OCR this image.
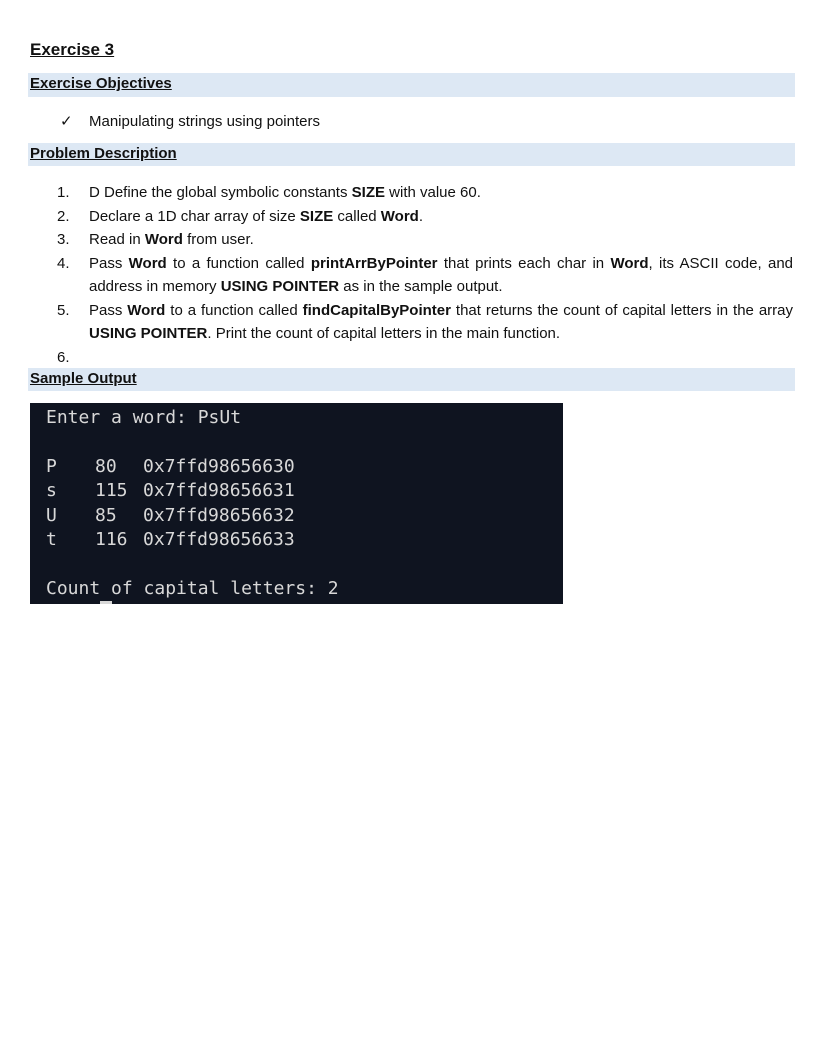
Exercise 3
Exercise Objectives
✓	Manipulating strings using pointers
Problem Description
1.	D Define the global symbolic constants SIZE with value 60.
2.	Declare a 1D char array of size SIZE called Word.
3.	Read in Word from user.
4.	Pass Word to a function called printArrByPointer that prints each char in Word, its ASCII code, and address in memory USING POINTER as in the sample output.
5.	Pass Word to a function called findCapitalByPointer that returns the count of capital letters in the array USING POINTER. Print the count of capital letters in the main function.
6.

Sample Output
Enter a word: PsUt
P	80	0x7ffd98656630
s	115 0x7ffd98656631
U	85	0x7ffd98656632
t	116 0x7ffd98656633
Count of capital letters: 2
